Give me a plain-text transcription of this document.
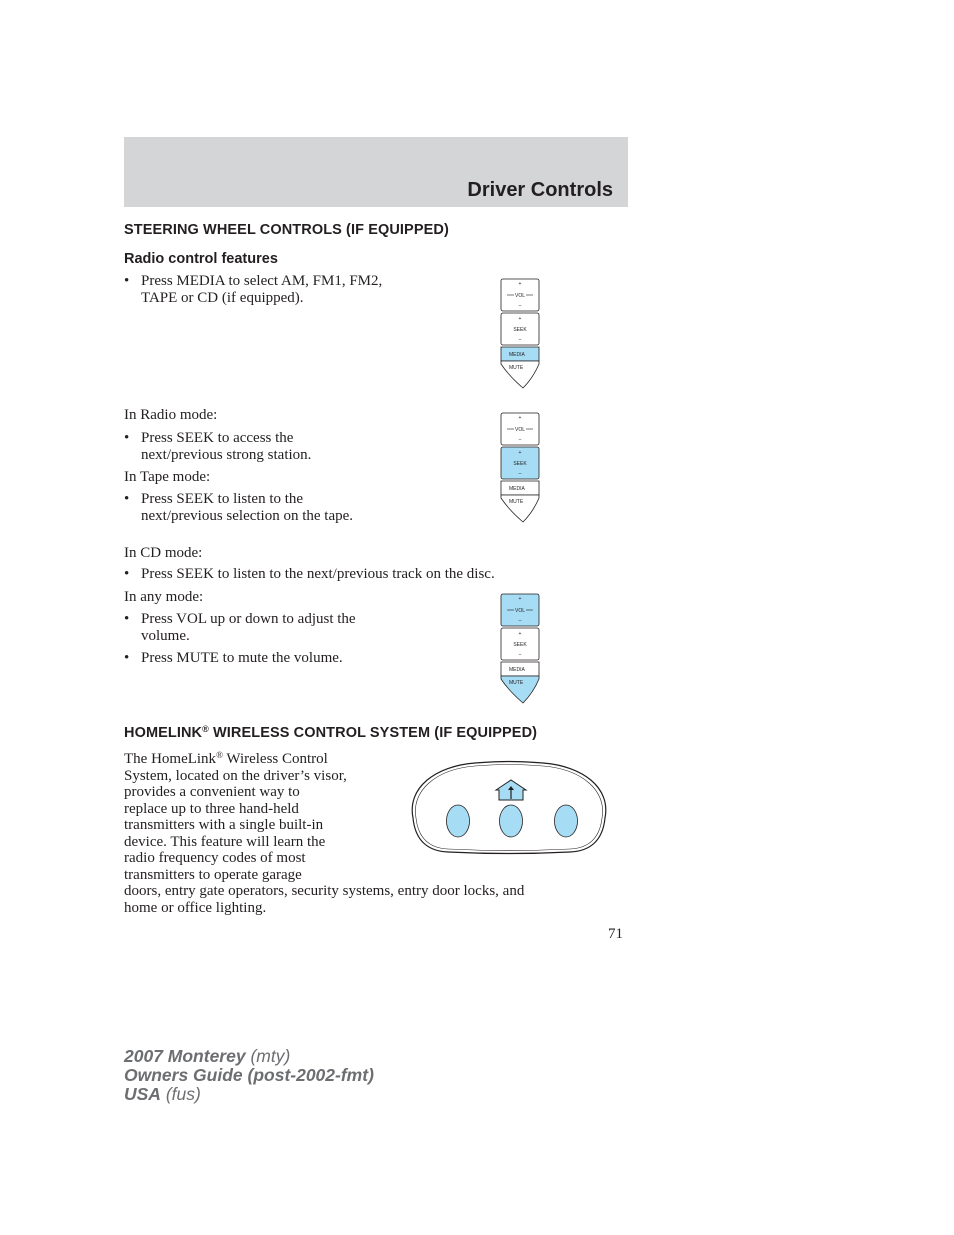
Driver Controls
STEERING WHEEL CONTROLS (IF EQUIPPED)
Radio control features
• Press MEDIA to select AM, FM1, FM2, TAPE or CD (if equipped).
In Radio mode:
• Press SEEK to access the next/previous strong station.
In Tape mode:
• Press SEEK to listen to the next/previous selection on the tape.
In CD mode:
• Press SEEK to listen to the next/previous track on the disc.
In any mode:
• Press VOL up or down to adjust the volume.
• Press MUTE to mute the volume.
+
VOL
–
+
SEEK
–
MEDIA
MUTE
+
VOL
–
+
SEEK
–
MEDIA
MUTE
+
VOL
–
+
SEEK
–
MEDIA
MUTE
HOMELINK® WIRELESS CONTROL SYSTEM (IF EQUIPPED)
The HomeLink® Wireless Control
System, located on the driver’s visor,
provides a convenient way to
replace up to three hand-held
transmitters with a single built-in
device. This feature will learn the
radio frequency codes of most
transmitters to operate garage
doors, entry gate operators, security systems, entry door locks, and
home or office lighting.
71
2007 Monterey (mty)
Owners Guide (post-2002-fmt)
USA (fus)
